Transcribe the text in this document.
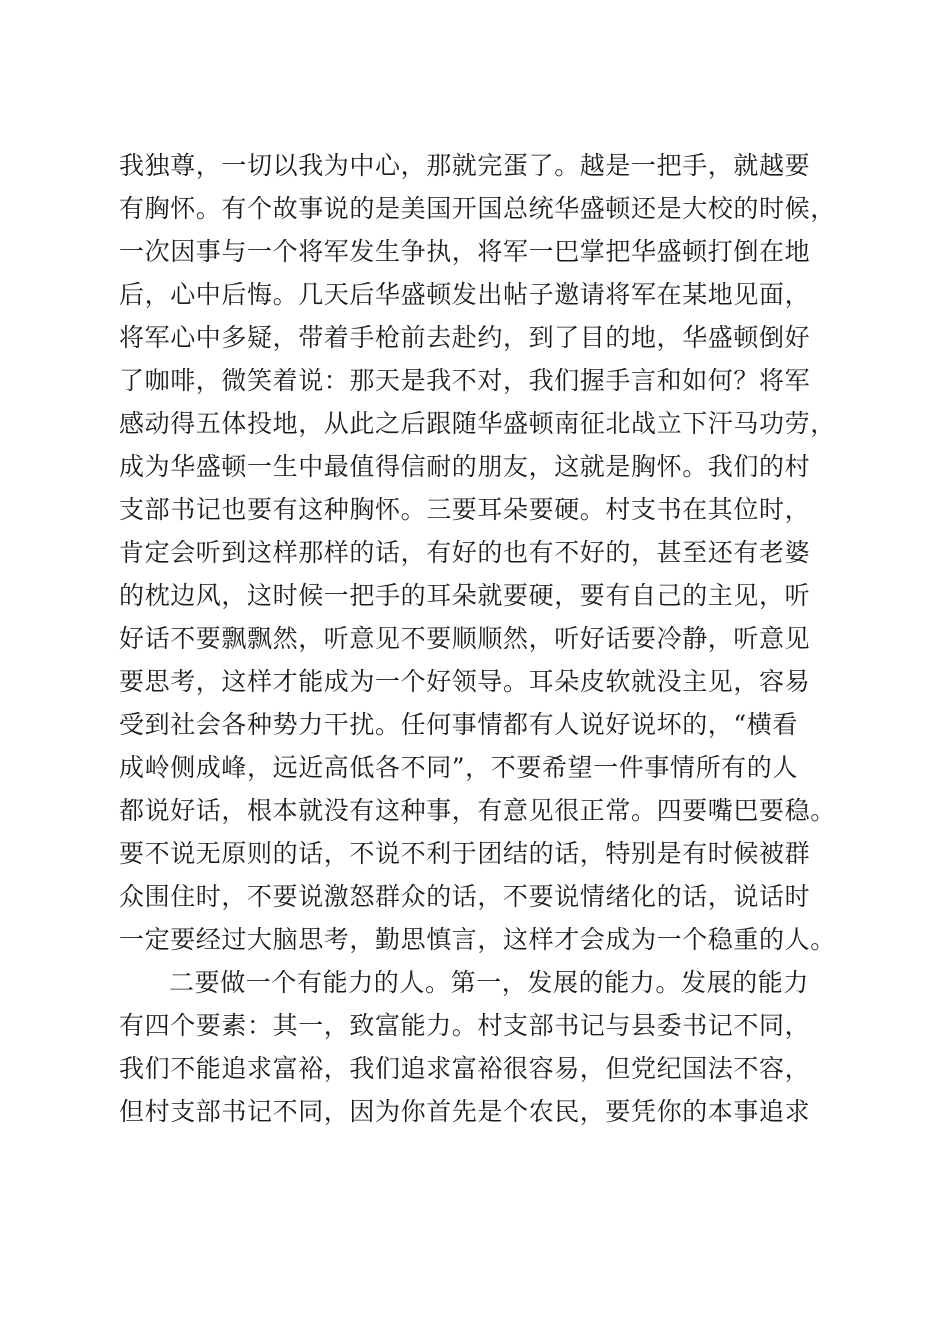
我独尊，一切以我为中心，那就完蛋了。越是一把手，就越要
有胸怀。有个故事说的是美国开国总统华盛顿还是大校的时候，
一次因事与一个将军发生争执，将军一巴掌把华盛顿打倒在地
后，心中后悔。几天后华盛顿发出帖子邀请将军在某地见面，
将军心中多疑，带着手枪前去赴约，到了目的地，华盛顿倒好
了咖啡，微笑着说：那天是我不对，我们握手言和如何？将军
感动得五体投地，从此之后跟随华盛顿南征北战立下汗马功劳，
成为华盛顿一生中最值得信耐的朋友，这就是胸怀。我们的村
支部书记也要有这种胸怀。三要耳朵要硬。村支书在其位时，
肯定会听到这样那样的话，有好的也有不好的，甚至还有老婆
的枕边风，这时候一把手的耳朵就要硬，要有自己的主见，听
好话不要飘飘然，听意见不要顺顺然，听好话要冷静，听意见
要思考，这样才能成为一个好领导。耳朵皮软就没主见，容易
受到社会各种势力干扰。任何事情都有人说好说坏的，“横看
成岭侧成峰，远近高低各不同”，不要希望一件事情所有的人
都说好话，根本就没有这种事，有意见很正常。四要嘴巴要稳。
要不说无原则的话，不说不利于团结的话，特别是有时候被群
众围住时，不要说激怒群众的话，不要说情绪化的话，说话时
一定要经过大脑思考，勤思慎言，这样才会成为一个稳重的人。
二要做一个有能力的人。第一，发展的能力。发展的能力
有四个要素：其一，致富能力。村支部书记与县委书记不同，
我们不能追求富裕，我们追求富裕很容易，但党纪国法不容，
但村支部书记不同，因为你首先是个农民，要凭你的本事追求
